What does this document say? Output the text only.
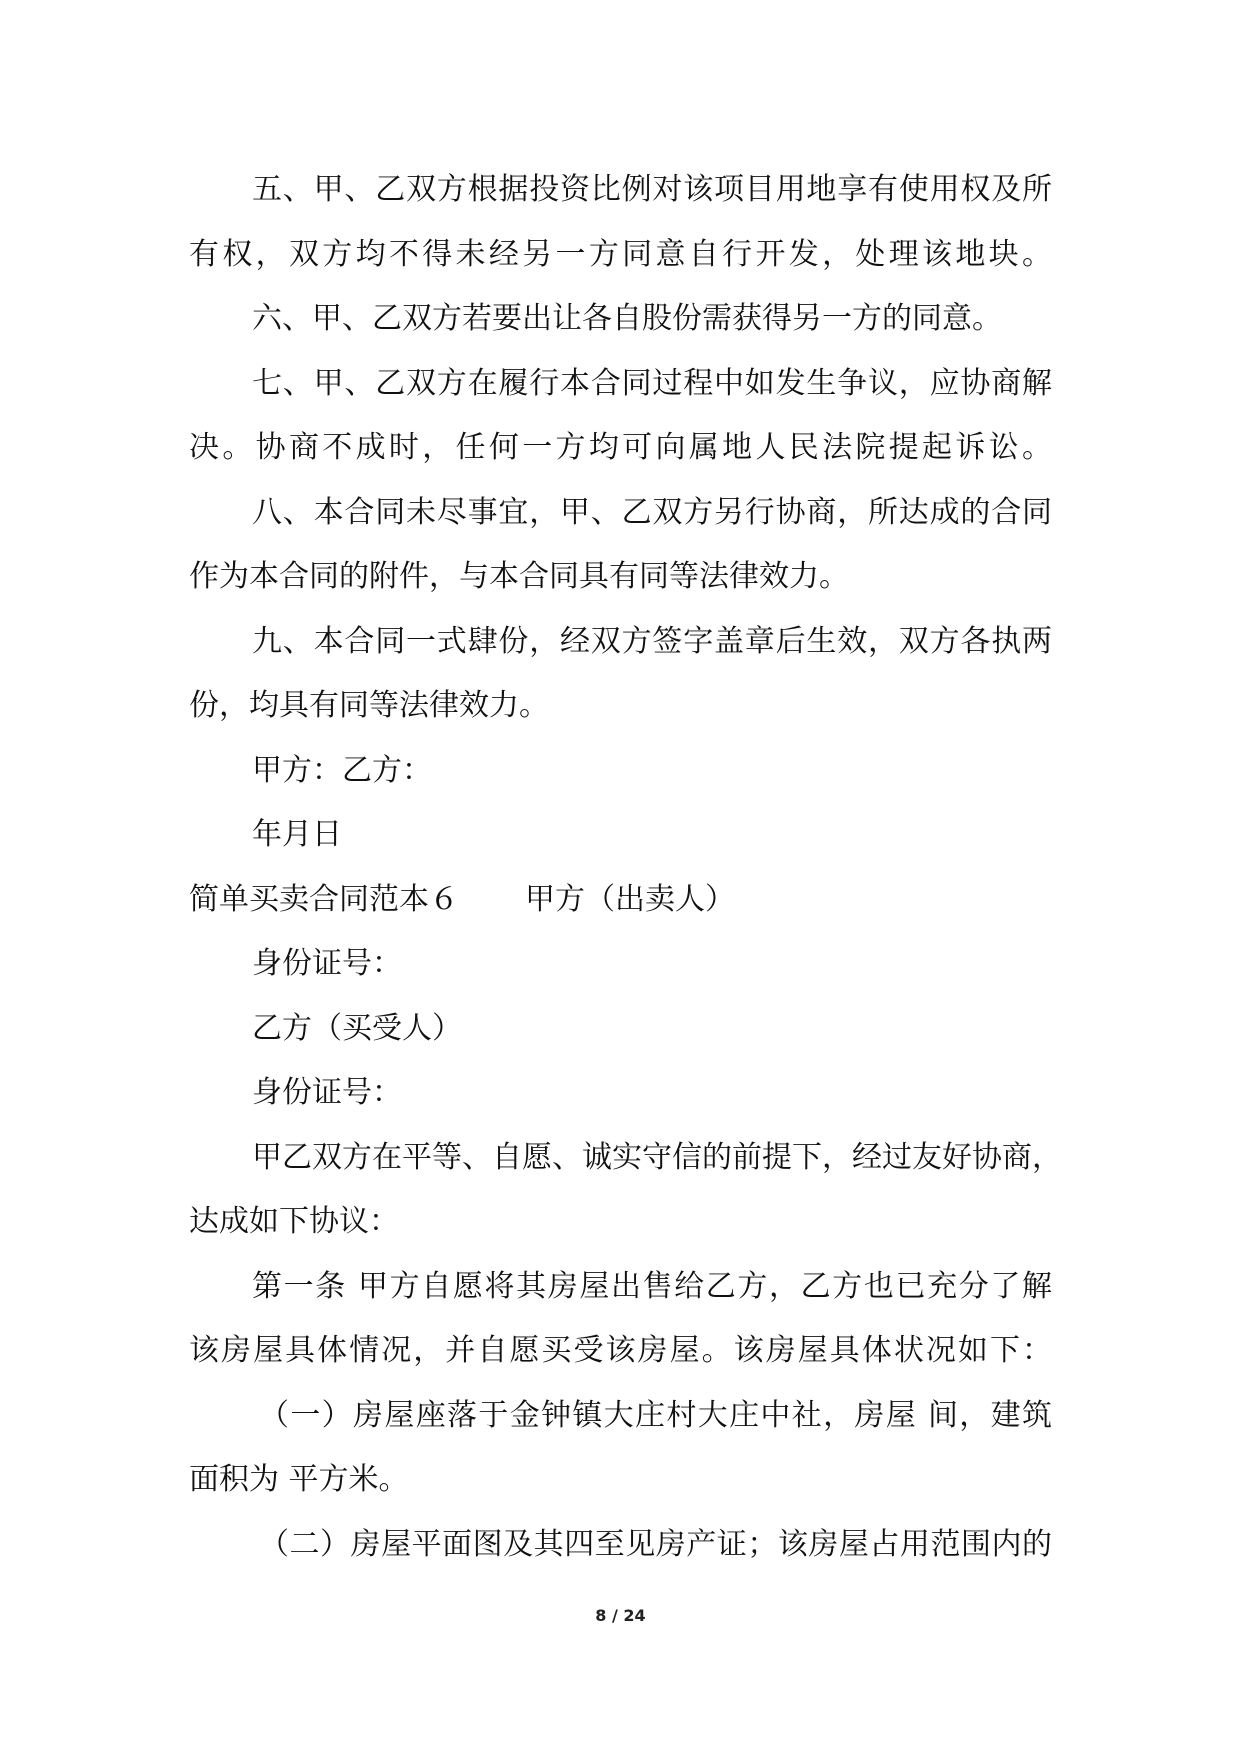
五、甲、乙双方根据投资比例对该项目用地享有使用权及所
有权，双方均不得未经另一方同意自行开发，处理该地块。
六、甲、乙双方若要出让各自股份需获得另一方的同意。
七、甲、乙双方在履行本合同过程中如发生争议，应协商解
决。协商不成时，任何一方均可向属地人民法院提起诉讼。
八、本合同未尽事宜，甲、乙双方另行协商，所达成的合同
作为本合同的附件，与本合同具有同等法律效力。
九、本合同一式肆份，经双方签字盖章后生效，双方各执两
份，均具有同等法律效力。
甲方：乙方：
年月日
简单买卖合同范本６ 甲方（出卖人）
身份证号：
乙方（买受人）
身份证号：
甲乙双方在平等、自愿、诚实守信的前提下，经过友好协商，
达成如下协议：
第一条 甲方自愿将其房屋出售给乙方，乙方也已充分了解
该房屋具体情况，并自愿买受该房屋。该房屋具体状况如下：
（一）房屋座落于金钟镇大庄村大庄中社，房屋 间，建筑
面积为 平方米。
（二）房屋平面图及其四至见房产证；该房屋占用范围内的
8 / 24
